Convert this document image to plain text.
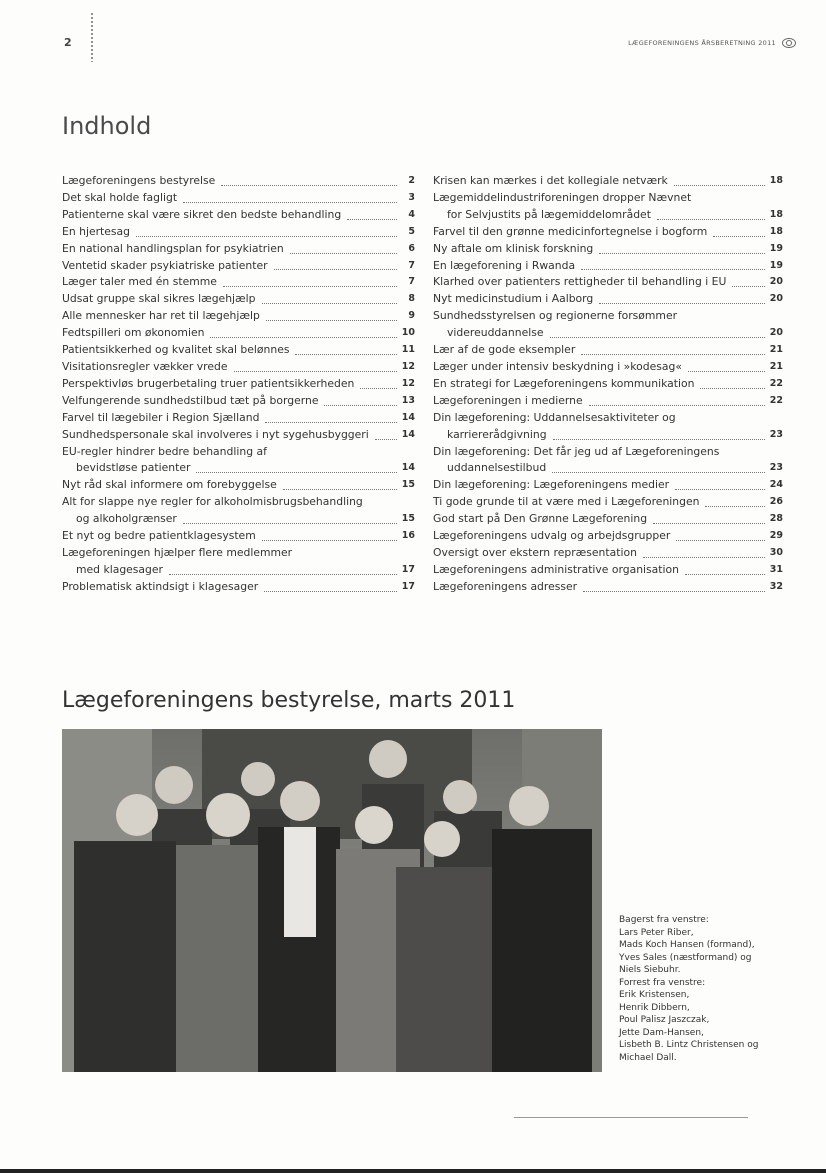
2	LÆGEFORENINGENS ÅRSBERETNING 2011
Indhold
Lægeforeningens bestyrelse	2
Det skal holde fagligt	3
Patienterne skal være sikret den bedste behandling	4
En hjertesag	5
En national handlingsplan for psykiatrien	6
Ventetid skader psykiatriske patienter	7
Læger taler med én stemme	7
Udsat gruppe skal sikres lægehjælp	8
Alle mennesker har ret til lægehjælp	9
Fedtspilleri om økonomien	10
Patientsikkerhed og kvalitet skal belønnes	11
Visitationsregler vækker vrede	12
Perspektivløs brugerbetaling truer patientsikkerheden	12
Velfungerende sundhedstilbud tæt på borgerne	13
Farvel til lægebiler i Region Sjælland	14
Sundhedspersonale skal involveres i nyt sygehusbyggeri	14
EU-regler hindrer bedre behandling af
bevidstløse patienter	14
Nyt råd skal informere om forebyggelse	15
Alt for slappe nye regler for alkoholmisbrugsbehandling
og alkoholgrænser	15
Et nyt og bedre patientklagesystem	16
Lægeforeningen hjælper flere medlemmer
med klagesager	17
Problematisk aktindsigt i klagesager	17
Krisen kan mærkes i det kollegiale netværk	18
Lægemiddelindustriforeningen dropper Nævnet
for Selvjustits på lægemiddelområdet	18
Farvel til den grønne medicinfortegnelse i bogform	18
Ny aftale om klinisk forskning	19
En lægeforening i Rwanda	19
Klarhed over patienters rettigheder til behandling i EU	20
Nyt medicinstudium i Aalborg	20
Sundhedsstyrelsen og regionerne forsømmer
videreuddannelse	20
Lær af de gode eksempler	21
Læger under intensiv beskydning i »kodesag«	21
En strategi for Lægeforeningens kommunikation	22
Lægeforeningen i medierne	22
Din lægeforening: Uddannelsesaktiviteter og
karriererådgivning	23
Din lægeforening: Det får jeg ud af Lægeforeningens
uddannelsestilbud	23
Din lægeforening: Lægeforeningens medier	24
Ti gode grunde til at være med i Lægeforeningen	26
God start på Den Grønne Lægeforening	28
Lægeforeningens udvalg og arbejdsgrupper	29
Oversigt over ekstern repræsentation	30
Lægeforeningens administrative organisation	31
Lægeforeningens adresser	32
Lægeforeningens bestyrelse, marts 2011
Bagerst fra venstre:
Lars Peter Riber,
Mads Koch Hansen (formand),
Yves Sales (næstformand) og
Niels Siebuhr.
Forrest fra venstre:
Erik Kristensen,
Henrik Dibbern,
Poul Palisz Jaszczak,
Jette Dam-Hansen,
Lisbeth B. Lintz Christensen og
Michael Dall.
